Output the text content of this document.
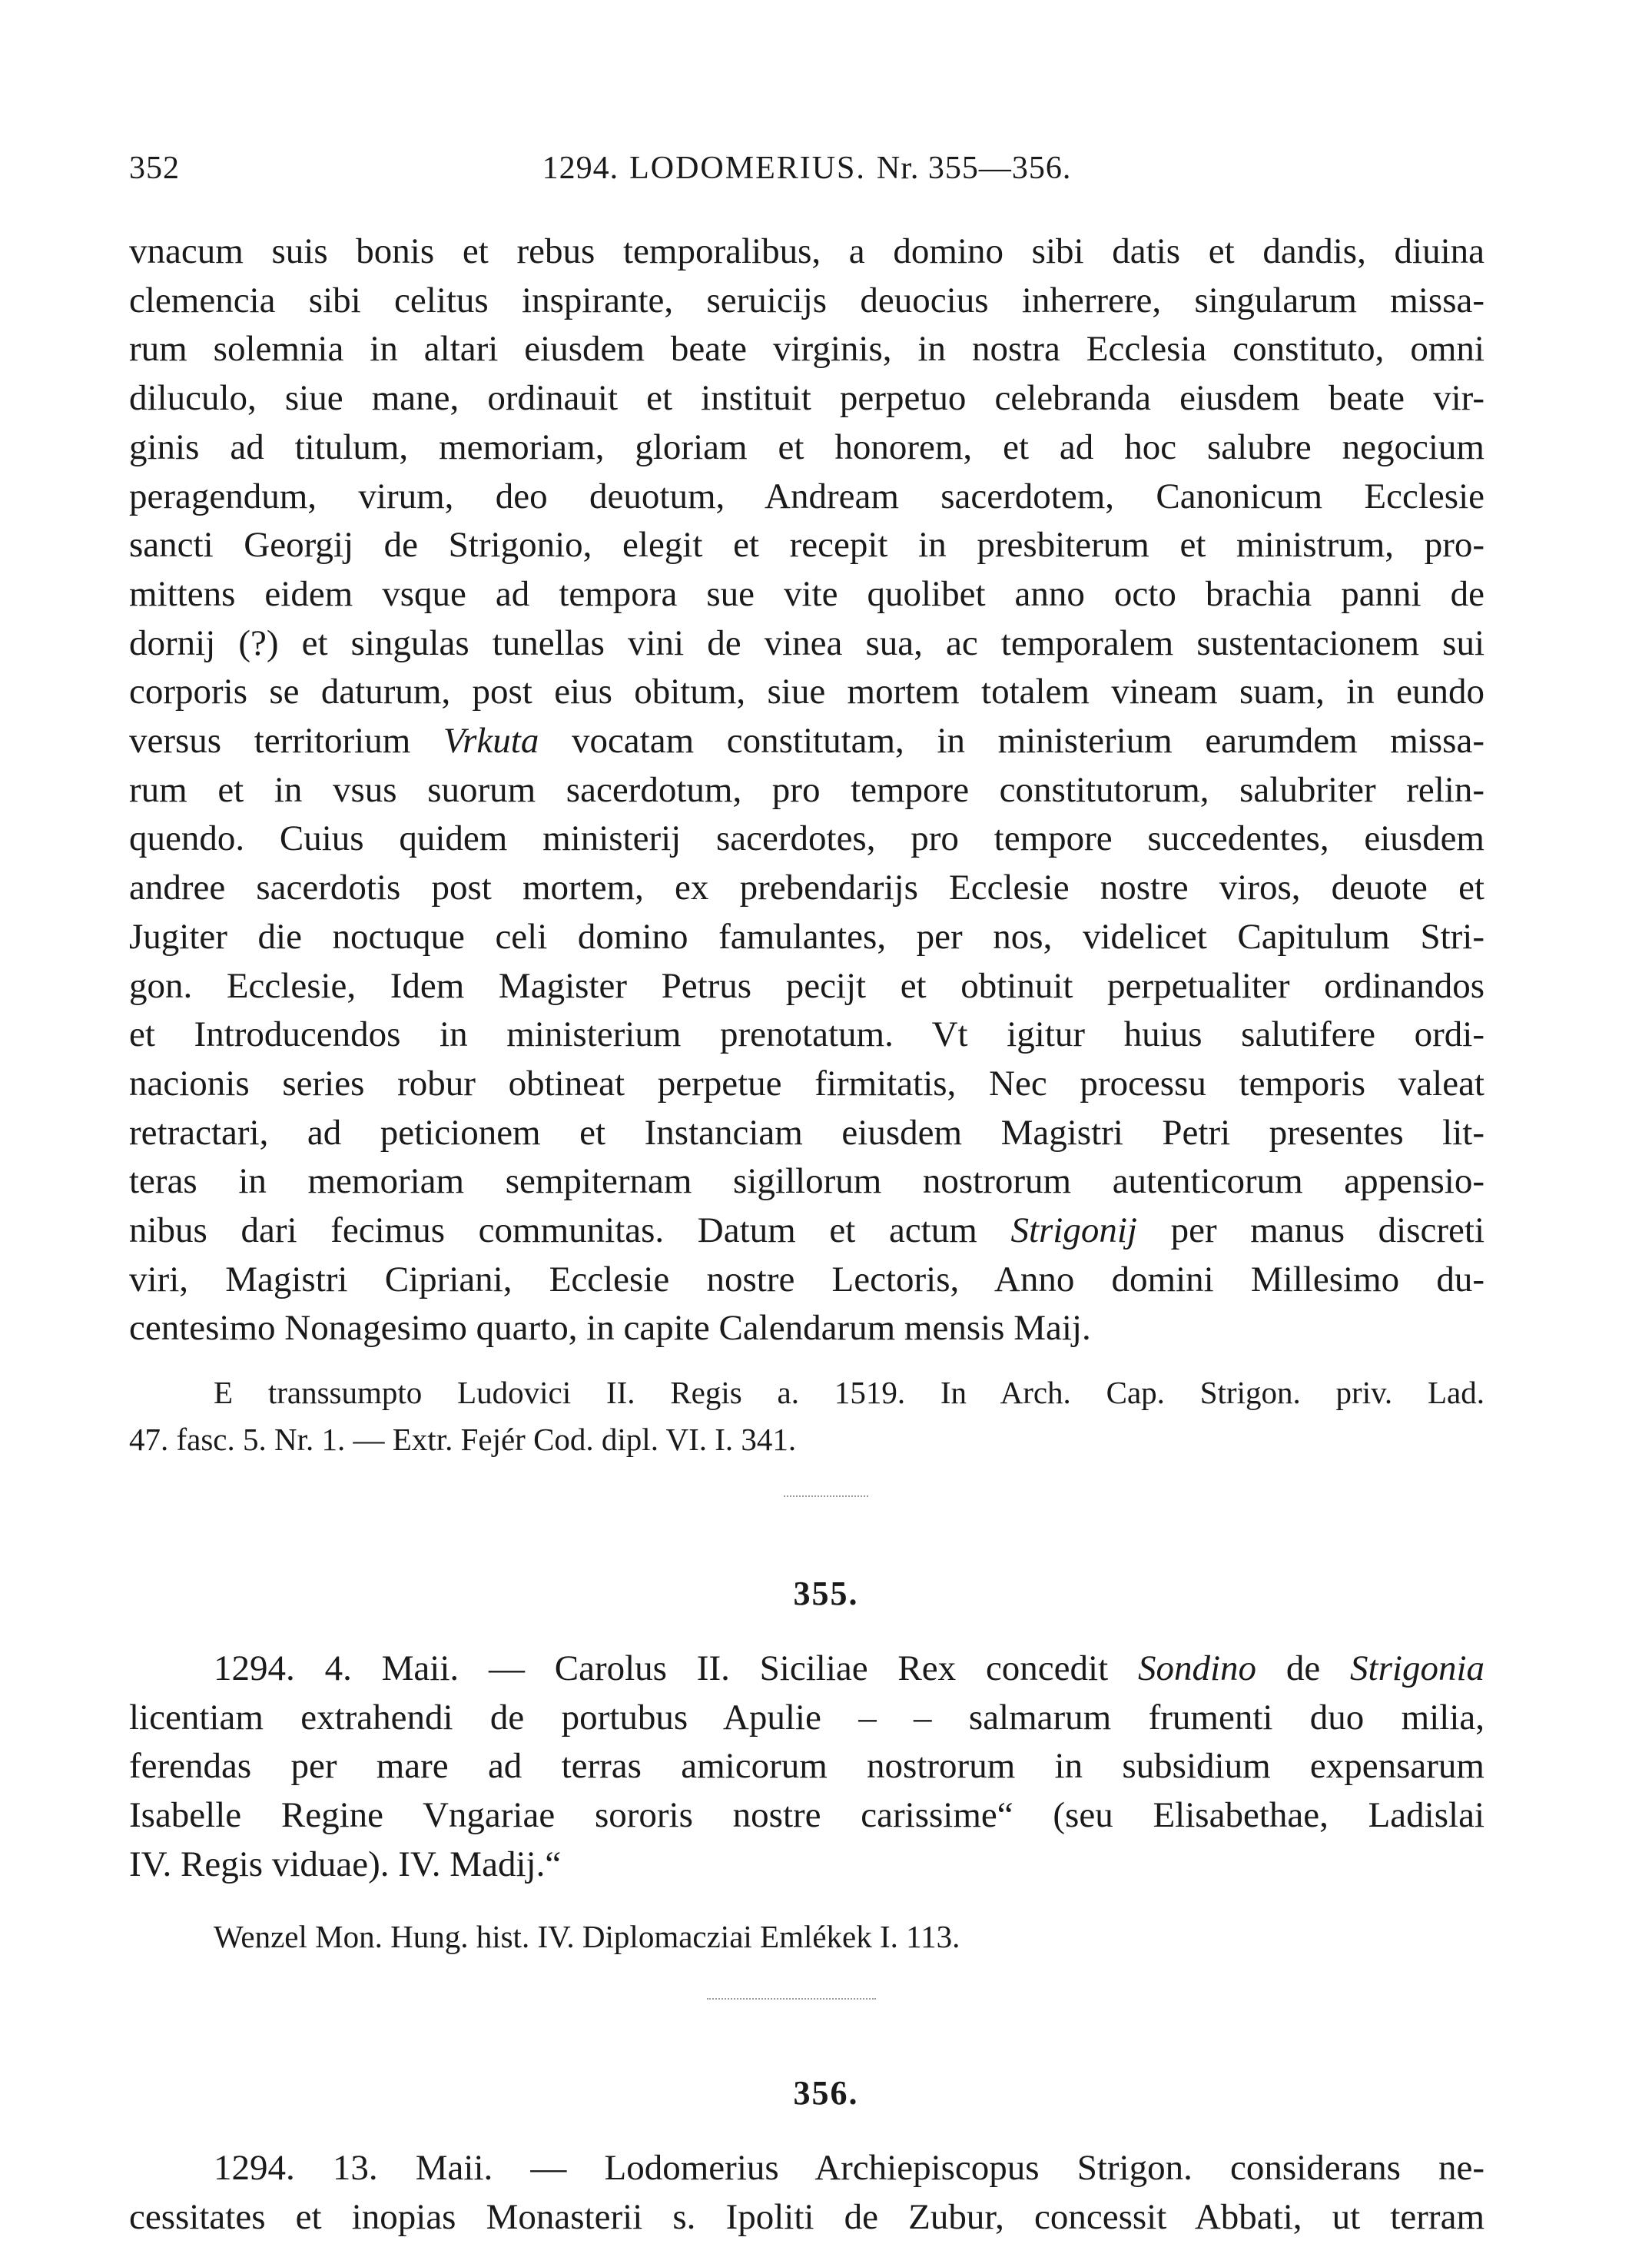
352	1294. LODOMERIUS. Nr. 355—356.
vnacum suis bonis et rebus temporalibus, a domino sibi datis et dandis, diuina
clemencia sibi celitus inspirante, seruicijs deuocius inherrere, singularum missa-
rum solemnia in altari eiusdem beate virginis, in nostra Ecclesia constituto, omni
diluculo, siue mane, ordinauit et instituit perpetuo celebranda eiusdem beate vir-
ginis ad titulum, memoriam, gloriam et honorem, et ad hoc salubre negocium
peragendum, virum, deo deuotum, Andream sacerdotem, Canonicum Ecclesie
sancti Georgij de Strigonio, elegit et recepit in presbiterum et ministrum, pro-
mittens eidem vsque ad tempora sue vite quolibet anno octo brachia panni de
dornij (?) et singulas tunellas vini de vinea sua, ac temporalem sustentacionem sui
corporis se daturum, post eius obitum, siue mortem totalem vineam suam, in eundo
versus territorium Vrkuta vocatam constitutam, in ministerium earumdem missa-
rum et in vsus suorum sacerdotum, pro tempore constitutorum, salubriter relin-
quendo. Cuius quidem ministerij sacerdotes, pro tempore succedentes, eiusdem
andree sacerdotis post mortem, ex prebendarijs Ecclesie nostre viros, deuote et
Jugiter die noctuque celi domino famulantes, per nos, videlicet Capitulum Stri-
gon. Ecclesie, Idem Magister Petrus pecijt et obtinuit perpetualiter ordinandos
et Introducendos in ministerium prenotatum. Vt igitur huius salutifere ordi-
nacionis series robur obtineat perpetue firmitatis, Nec processu temporis valeat
retractari, ad peticionem et Instanciam eiusdem Magistri Petri presentes lit-
teras in memoriam sempiternam sigillorum nostrorum autenticorum appensio-
nibus dari fecimus communitas. Datum et actum Strigonij per manus discreti
viri, Magistri Cipriani, Ecclesie nostre Lectoris, Anno domini Millesimo du-
centesimo Nonagesimo quarto, in capite Calendarum mensis Maij.
E transsumpto Ludovici II. Regis a. 1519. In Arch. Cap. Strigon. priv. Lad.
47. fasc. 5. Nr. 1. — Extr. Fejér Cod. dipl. VI. I. 341.
355.
1294. 4. Maii. — Carolus II. Siciliae Rex concedit Sondino de Strigonia
licentiam extrahendi de portubus Apulie – – salmarum frumenti duo milia,
ferendas per mare ad terras amicorum nostrorum in subsidium expensarum
Isabelle Regine Vngariae sororis nostre carissime“ (seu Elisabethae, Ladislai
IV. Regis viduae). IV. Madij.“
Wenzel Mon. Hung. hist. IV. Diplomacziai Emlékek I. 113.
356.
1294. 13. Maii. — Lodomerius Archiepiscopus Strigon. considerans ne-
cessitates et inopias Monasterii s. Ipoliti de Zubur, concessit Abbati, ut terram
